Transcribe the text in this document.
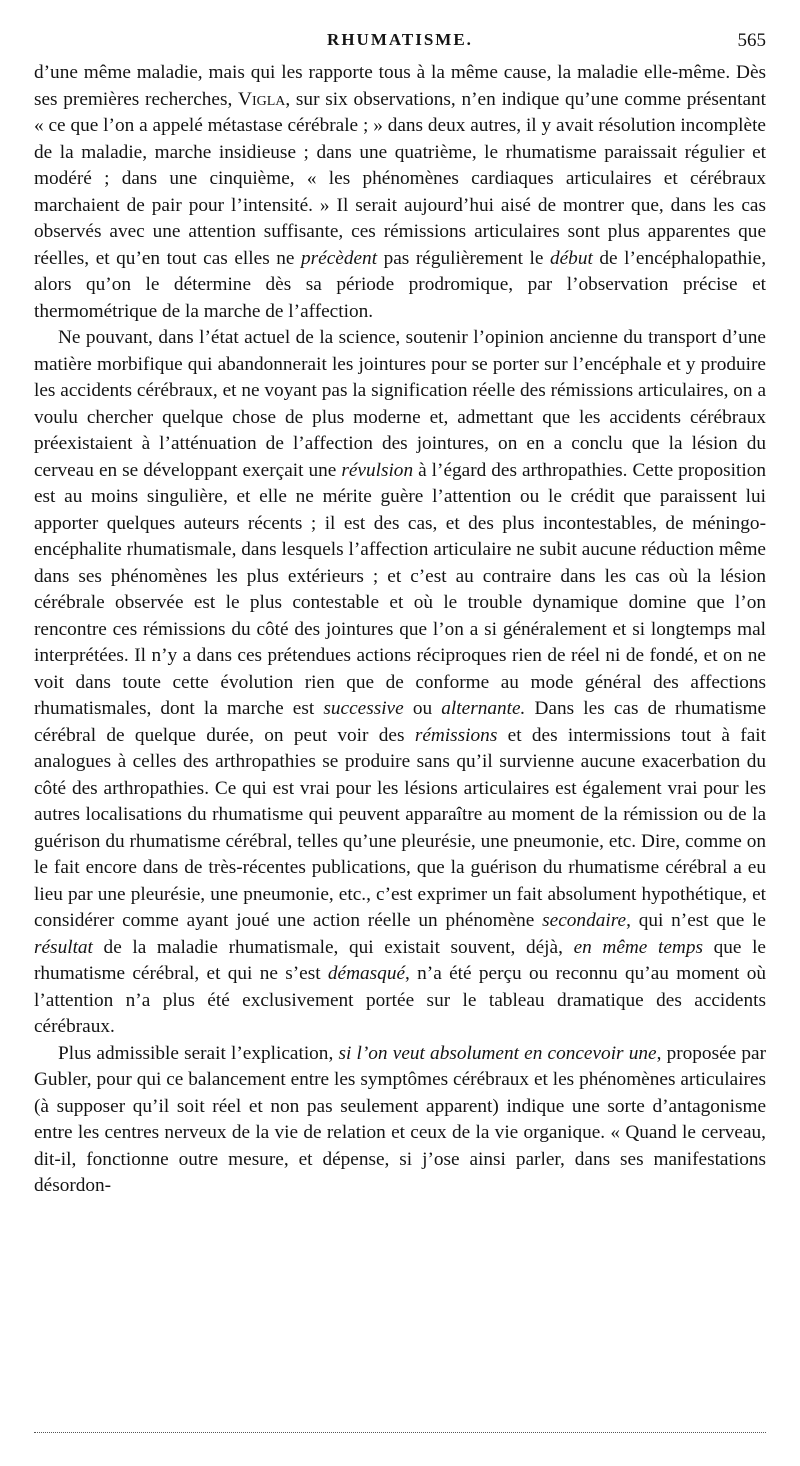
RHUMATISME.	565

d’une même maladie, mais qui les rapporte tous à la même cause, la maladie elle-même. Dès ses premières recherches, Vigla, sur six observations, n’en indique qu’une comme présentant « ce que l’on a appelé métastase cérébrale ; » dans deux autres, il y avait résolution incomplète de la maladie, marche insidieuse ; dans une quatrième, le rhumatisme paraissait régulier et modéré ; dans une cinquième, « les phénomènes cardiaques articulaires et cérébraux marchaient de pair pour l’intensité. » Il serait aujourd’hui aisé de montrer que, dans les cas observés avec une attention suffisante, ces rémissions articulaires sont plus apparentes que réelles, et qu’en tout cas elles ne précèdent pas régulièrement le début de l’encéphalopathie, alors qu’on le détermine dès sa période prodromique, par l’observation précise et thermométrique de la marche de l’affection.

Ne pouvant, dans l’état actuel de la science, soutenir l’opinion ancienne du transport d’une matière morbifique qui abandonnerait les jointures pour se porter sur l’encéphale et y produire les accidents cérébraux, et ne voyant pas la signification réelle des rémissions articulaires, on a voulu chercher quelque chose de plus moderne et, admettant que les accidents cérébraux préexistaient à l’atténuation de l’affection des jointures, on en a conclu que la lésion du cerveau en se développant exerçait une révulsion à l’égard des arthropathies. Cette proposition est au moins singulière, et elle ne mérite guère l’attention ou le crédit que paraissent lui apporter quelques auteurs récents ; il est des cas, et des plus incontestables, de méningo-encéphalite rhumatismale, dans lesquels l’affection articulaire ne subit aucune réduction même dans ses phénomènes les plus extérieurs ; et c’est au contraire dans les cas où la lésion cérébrale observée est le plus contestable et où le trouble dynamique domine que l’on rencontre ces rémissions du côté des jointures que l’on a si généralement et si longtemps mal interprétées. Il n’y a dans ces prétendues actions réciproques rien de réel ni de fondé, et on ne voit dans toute cette évolution rien que de conforme au mode général des affections rhumatismales, dont la marche est successive ou alternante. Dans les cas de rhumatisme cérébral de quelque durée, on peut voir des rémissions et des intermissions tout à fait analogues à celles des arthropathies se produire sans qu’il survienne aucune exacerbation du côté des arthropathies. Ce qui est vrai pour les lésions articulaires est également vrai pour les autres localisations du rhumatisme qui peuvent apparaître au moment de la rémission ou de la guérison du rhumatisme cérébral, telles qu’une pleurésie, une pneumonie, etc. Dire, comme on le fait encore dans de très-récentes publications, que la guérison du rhumatisme cérébral a eu lieu par une pleurésie, une pneumonie, etc., c’est exprimer un fait absolument hypothétique, et considérer comme ayant joué une action réelle un phénomène secondaire, qui n’est que le résultat de la maladie rhumatismale, qui existait souvent, déjà, en même temps que le rhumatisme cérébral, et qui ne s’est démasqué, n’a été perçu ou reconnu qu’au moment où l’attention n’a plus été exclusivement portée sur le tableau dramatique des accidents cérébraux.

Plus admissible serait l’explication, si l’on veut absolument en concevoir une, proposée par Gubler, pour qui ce balancement entre les symptômes cérébraux et les phénomènes articulaires (à supposer qu’il soit réel et non pas seulement apparent) indique une sorte d’antagonisme entre les centres nerveux de la vie de relation et ceux de la vie organique. « Quand le cerveau, dit-il, fonctionne outre mesure, et dépense, si j’ose ainsi parler, dans ses manifestations désordon-
